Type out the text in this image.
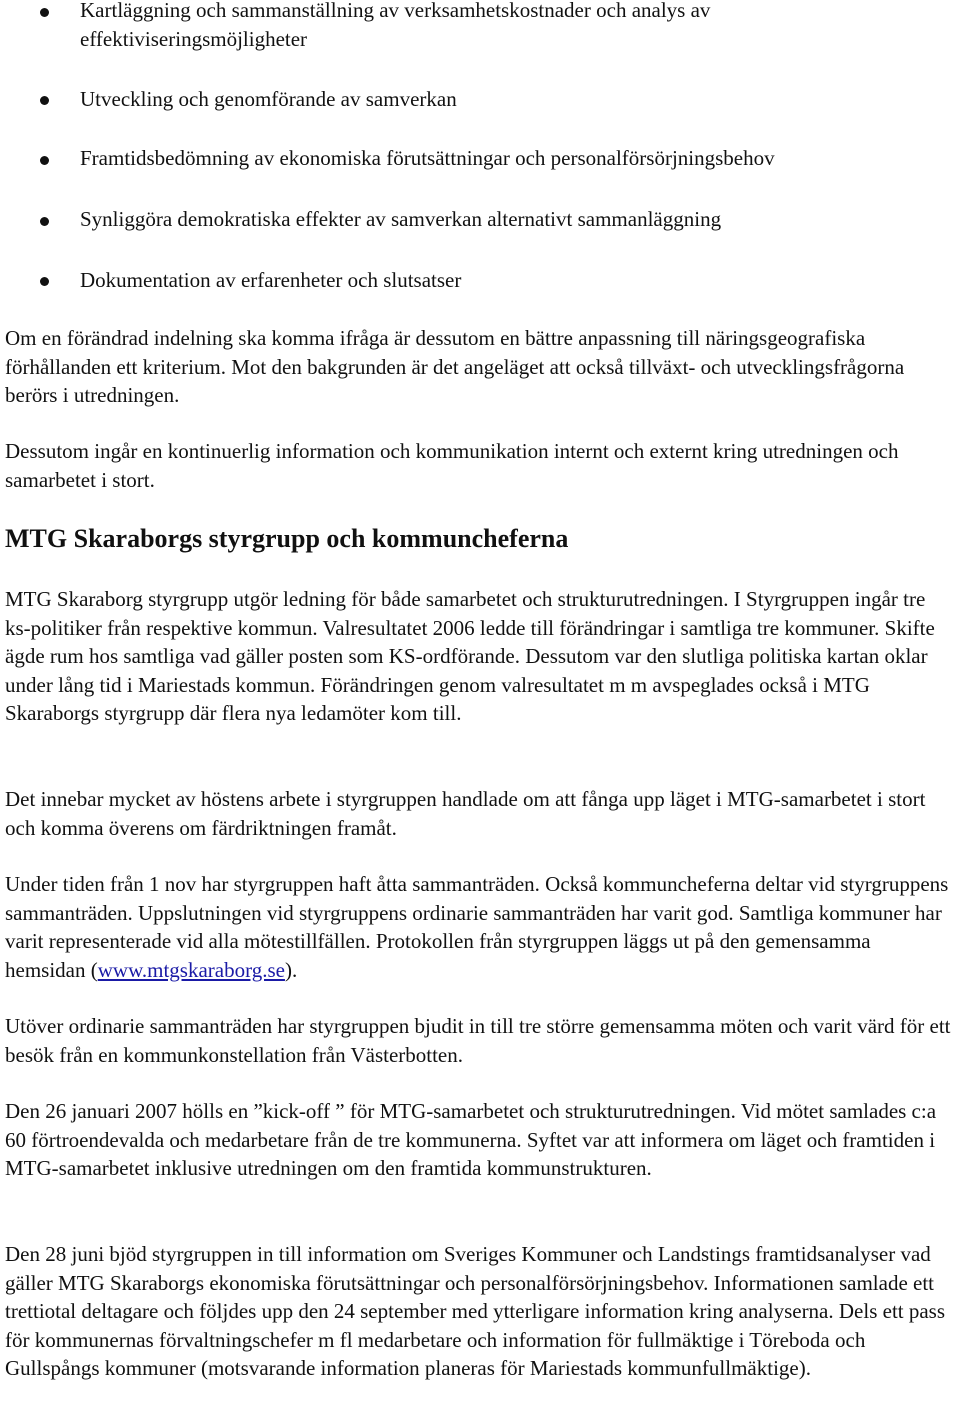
Kartläggning och sammanställning av verksamhetskostnader och analys av effektiviseringsmöjligheter
Utveckling och genomförande av samverkan
Framtidsbedömning av ekonomiska förutsättningar och personalförsörjningsbehov
Synliggöra demokratiska effekter av samverkan alternativt sammanläggning
Dokumentation av erfarenheter och slutsatser

Om en förändrad indelning ska komma ifråga är dessutom en bättre anpassning till näringsgeografiska förhållanden ett kriterium. Mot den bakgrunden är det angeläget att också tillväxt- och utvecklingsfrågorna berörs i utredningen.

Dessutom ingår en kontinuerlig information och kommunikation internt och externt kring utredningen och samarbetet i stort.

MTG Skaraborgs styrgrupp och kommuncheferna

MTG Skaraborg styrgrupp utgör ledning för både samarbetet och strukturutredningen. I Styrgruppen ingår tre ks-politiker från respektive kommun. Valresultatet 2006 ledde till förändringar i samtliga tre kommuner. Skifte ägde rum hos samtliga vad gäller posten som KS-ordförande. Dessutom var den slutliga politiska kartan oklar under lång tid i Mariestads kommun. Förändringen genom valresultatet m m avspeglades också i MTG Skaraborgs styrgrupp där flera nya ledamöter kom till.

Det innebar mycket av höstens arbete i styrgruppen handlade om att fånga upp läget i MTG-samarbetet i stort och komma överens om färdriktningen framåt.

Under tiden från 1 nov har styrgruppen haft åtta sammanträden. Också kommuncheferna deltar vid styrgruppens sammanträden. Uppslutningen vid styrgruppens ordinarie sammanträden har varit god. Samtliga kommuner har varit representerade vid alla mötestillfällen. Protokollen från styrgruppen läggs ut på den gemensamma hemsidan (www.mtgskaraborg.se).

Utöver ordinarie sammanträden har styrgruppen bjudit in till tre större gemensamma möten och varit värd för ett besök från en kommunkonstellation från Västerbotten.

Den 26 januari 2007 hölls en ”kick-off ” för MTG-samarbetet och strukturutredningen. Vid mötet samlades c:a 60 förtroendevalda och medarbetare från de tre kommunerna. Syftet var att informera om läget och framtiden i MTG-samarbetet inklusive utredningen om den framtida kommunstrukturen.

Den 28 juni bjöd styrgruppen in till information om Sveriges Kommuner och Landstings framtidsanalyser vad gäller MTG Skaraborgs ekonomiska förutsättningar och personalförsörjningsbehov. Informationen samlade ett trettiotal deltagare och följdes upp den 24 september med ytterligare information kring analyserna. Dels ett pass för kommunernas förvaltningschefer m fl medarbetare och information för fullmäktige i Töreboda och Gullspångs kommuner (motsvarande information planeras för Mariestads kommunfullmäktige).
